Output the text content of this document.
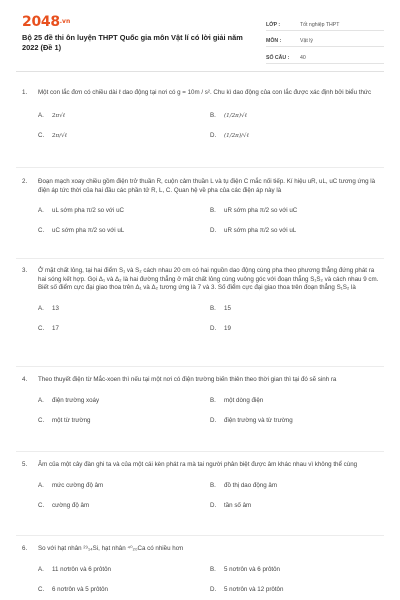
2048.vn
Bộ 25 đề thi ôn luyện THPT Quốc gia môn Vật lí có lời giải năm 2022 (Đề 1)
LỚP :	Tốt nghiệp THPT
MÔN :	Vật lý
SỐ CÂU :	40
1.	Một con lắc đơn có chiều dài ℓ dao động tại nơi có g = 10m / s². Chu kì dao động của con lắc được xác định bởi biểu thức
A.	2π√ℓ	B.	(1/2π)√ℓ
C.	2π/√ℓ	D.	(1/2π)/√ℓ
2.	Đoạn mạch xoay chiều gồm điện trở thuần R, cuộn cảm thuần L và tụ điện C mắc nối tiếp. Kí hiệu uR, uL, uC tương ứng là điện áp tức thời của hai đầu các phần tử R, L, C. Quan hệ về pha của các điện áp này là
A.	uL sớm pha π/2 so với uC	B.	uR sớm pha π/2 so với uC
C.	uC sớm pha π/2 so với uL	D.	uR sớm pha π/2 so với uL
3.	Ở mặt chất lỏng, tại hai điểm S₁ và S₂ cách nhau 20 cm có hai nguồn dao động cùng pha theo phương thẳng đứng phát ra hai sóng kết hợp. Gọi Δ₁ và Δ₂ là hai đường thẳng ở mặt chất lỏng cùng vuông góc với đoạn thẳng S₁S₂ và cách nhau 9 cm. Biết số điểm cực đại giao thoa trên Δ₁ và Δ₂ tương ứng là 7 và 3. Số điểm cực đại giao thoa trên đoạn thẳng S₁S₂ là
A.	13	B.	15
C.	17	D.	19
4.	Theo thuyết điện từ Mắc-xoen thì nếu tại một nơi có điện trường biến thiên theo thời gian thì tại đó sẽ sinh ra
A.	điện trường xoáy	B.	một dòng điện
C.	một từ trường	D.	điện trường và từ trường
5.	Âm của một cây đàn ghi ta và của một cái kèn phát ra mà tai người phân biệt được âm khác nhau vì không thể cùng
A.	mức cường độ âm	B.	đồ thị dao động âm
C.	cường độ âm	D.	tần số âm
6.	So với hạt nhân ²⁹₁₄Si, hạt nhân ⁴⁰₂₀Ca có nhiều hơn
A.	11 nơtrôn và 6 prôtôn	B.	5 nơtrôn và 6 prôtôn
C.	6 nơtrôn và 5 prôtôn	D.	5 nơtrôn và 12 prôtôn
